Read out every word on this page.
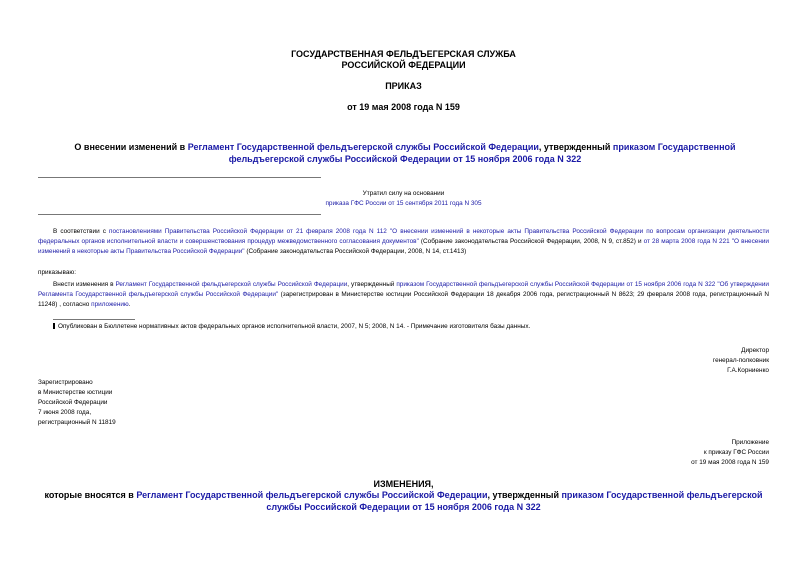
ГОСУДАРСТВЕННАЯ ФЕЛЬДЪЕГЕРСКАЯ СЛУЖБА
РОССИЙСКОЙ ФЕДЕРАЦИИ
ПРИКАЗ
от 19 мая 2008 года N 159
О внесении изменений в Регламент Государственной фельдъегерской службы Российской Федерации, утвержденный приказом Государственной фельдъегерской службы Российской Федерации от 15 ноября 2006 года N 322
Утратил силу на основании
приказа ГФС России от 15 сентября 2011 года N 305
В соответствии с постановлениями Правительства Российской Федерации от 21 февраля 2008 года N 112 "О внесении изменений в некоторые акты Правительства Российской Федерации по вопросам организации деятельности федеральных органов исполнительной власти и совершенствования процедур межведомственного согласования документов" (Собрание законодательства Российской Федерации, 2008, N 9, ст.852) и от 28 марта 2008 года N 221 "О внесении изменений в некоторые акты Правительства Российской Федерации" (Собрание законодательства Российской Федерации, 2008, N 14, ст.1413)
приказываю:
Внести изменения в Регламент Государственной фельдъегерской службы Российской Федерации, утвержденный приказом Государственной фельдъегерской службы Российской Федерации от 15 ноября 2006 года N 322 "Об утверждении Регламента Государственной фельдъегерской службы Российской Федерации" (зарегистрирован в Министерстве юстиции Российской Федерации 18 декабря 2006 года, регистрационный N 8623; 29 февраля 2008 года, регистрационный N 11248) , согласно приложению.
Опубликован в Бюллетене нормативных актов федеральных органов исполнительной власти, 2007, N 5; 2008, N 14. - Примечание изготовителя базы данных.
Директор
генерал-полковник
Г.А.Корниенко
Зарегистрировано
в Министерстве юстиции
Российской Федерации
7 июня 2008 года,
регистрационный N 11819
Приложение
к приказу ГФС России
от 19 мая 2008 года N 159
ИЗМЕНЕНИЯ,
которые вносятся в Регламент Государственной фельдъегерской службы Российской Федерации, утвержденный приказом Государственной фельдъегерской службы Российской Федерации от 15 ноября 2006 года N 322
